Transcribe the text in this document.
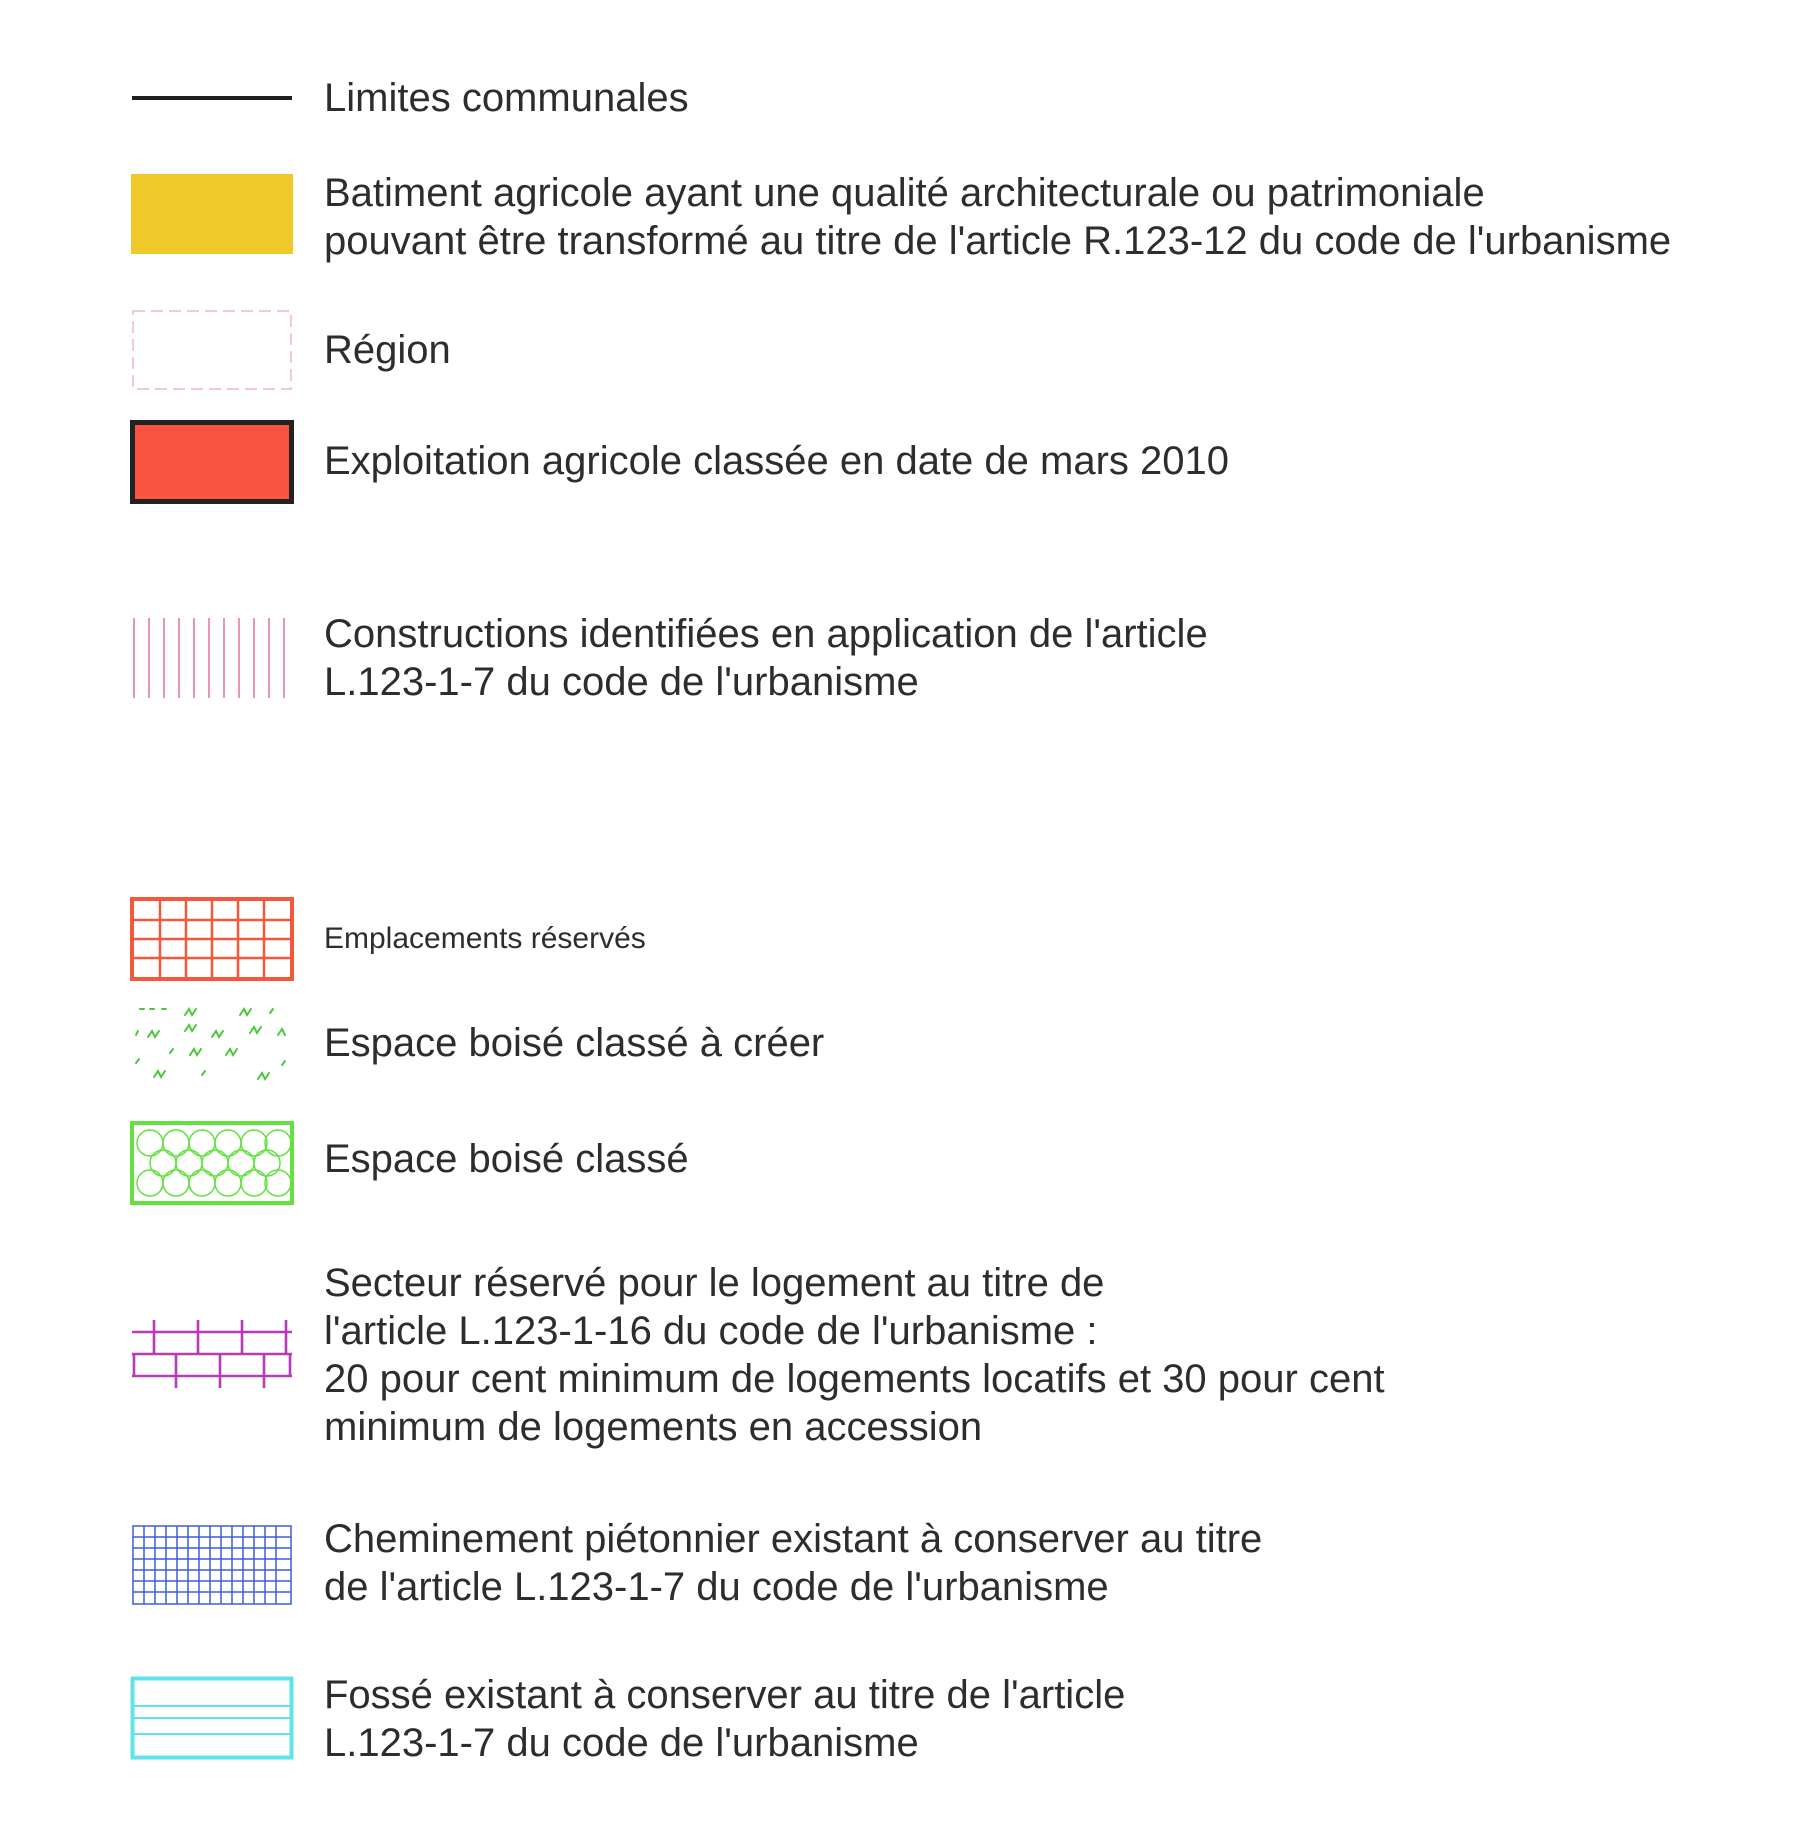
Limites communales
Batiment agricole ayant une qualité architecturale ou patrimoniale
pouvant être transformé au titre de l'article R.123-12 du code de l'urbanisme
Région
Exploitation agricole classée en date de mars 2010
Constructions identifiées en application de l'article
L.123-1-7 du code de l'urbanisme
Emplacements réservés
Espace boisé classé à créer
Espace boisé classé
Secteur réservé pour le logement au titre de
l'article L.123-1-16 du code de l'urbanisme :
20 pour cent minimum de logements locatifs et 30 pour cent
minimum de logements en accession
Cheminement piétonnier existant à conserver au titre
de l'article L.123-1-7 du code de l'urbanisme
Fossé existant à conserver au titre de l'article
L.123-1-7 du code de l'urbanisme
